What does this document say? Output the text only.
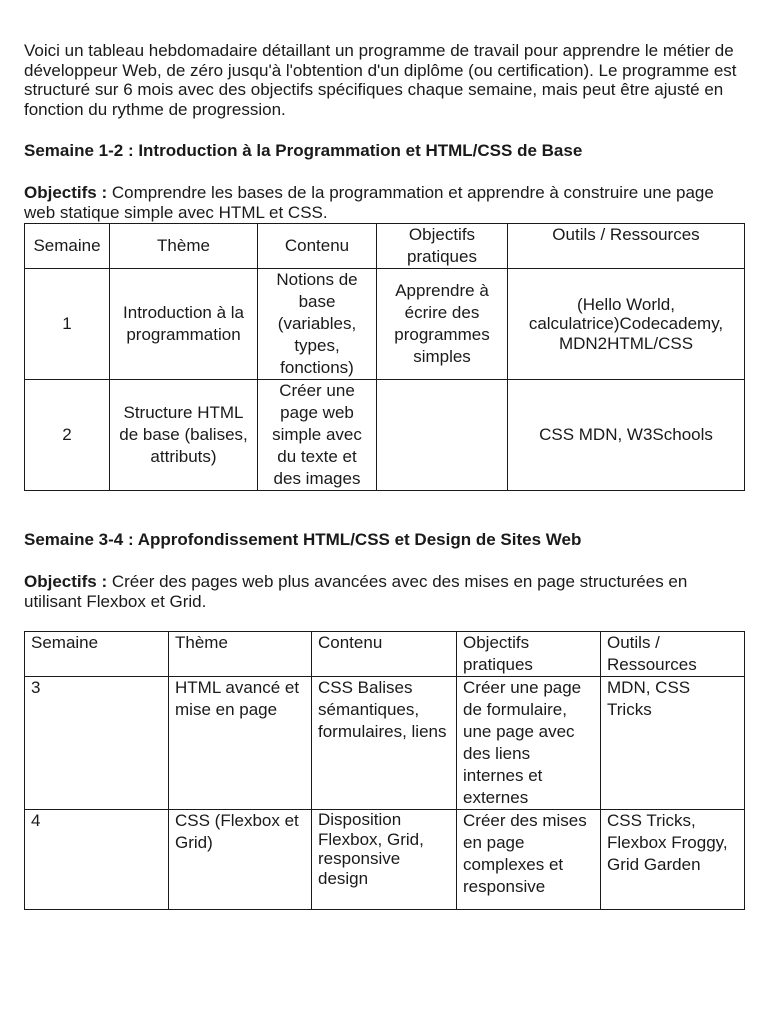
Voici un tableau hebdomadaire détaillant un programme de travail pour apprendre le métier de développeur Web, de zéro jusqu'à l'obtention d'un diplôme (ou certification). Le programme est structuré sur 6 mois avec des objectifs spécifiques chaque semaine, mais peut être ajusté en fonction du rythme de progression.

Semaine 1-2 : Introduction à la Programmation et HTML/CSS de Base

Objectifs : Comprendre les bases de la programmation et apprendre à construire une page web statique simple avec HTML et CSS.

Semaine	Thème	Contenu	Objectifs pratiques	Outils / Ressources
1	Introduction à la programmation	Notions de base (variables, types, fonctions)	Apprendre à écrire des programmes simples	(Hello World, calculatrice)Codecademy, MDN2HTML/CSS
2	Structure HTML de base (balises, attributs)	Créer une page web simple avec du texte et des images		CSS MDN, W3Schools

Semaine 3-4 : Approfondissement HTML/CSS et Design de Sites Web

Objectifs : Créer des pages web plus avancées avec des mises en page structurées en utilisant Flexbox et Grid.

Semaine	Thème	Contenu	Objectifs pratiques	Outils / Ressources
3	HTML avancé et mise en page	CSS Balises sémantiques, formulaires, liens	Créer une page de formulaire, une page avec des liens internes et externes	MDN, CSS Tricks
4	CSS (Flexbox et Grid)	Disposition Flexbox, Grid, responsive design	Créer des mises en page complexes et responsive	CSS Tricks, Flexbox Froggy, Grid Garden
